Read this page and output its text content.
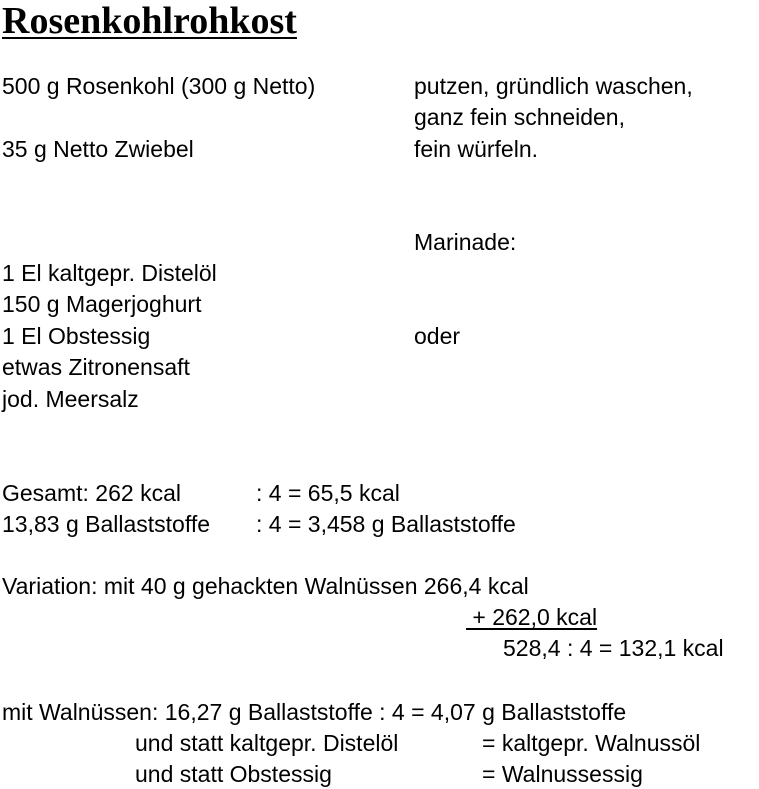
Rosenkohlrohkost
500 g Rosenkohl (300 g Netto)	putzen, gründlich waschen,
ganz fein schneiden,
35 g Netto Zwiebel	fein würfeln.
Marinade:
1 El kaltgepr. Distelöl
150 g Magerjoghurt
1 El Obstessig	oder
etwas Zitronensaft
jod. Meersalz
Gesamt: 262 kcal	: 4 = 65,5 kcal
13,83 g Ballaststoffe : 4 = 3,458 g Ballaststoffe
Variation: mit 40 g gehackten Walnüssen 266,4 kcal
+ 262,0 kcal
528,4 : 4 = 132,1 kcal
mit Walnüssen: 16,27 g Ballaststoffe : 4 = 4,07 g Ballaststoffe
und statt kaltgepr. Distelöl	= kaltgepr. Walnussöl
und statt Obstessig	= Walnussessig
